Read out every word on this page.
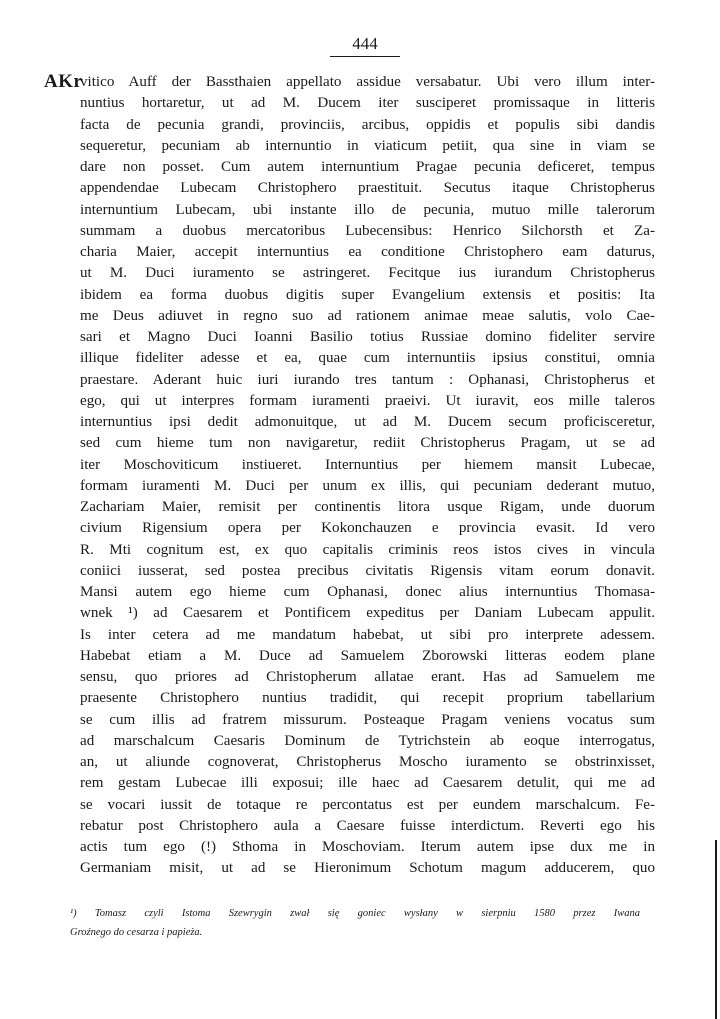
444
AKr
vitico Auff der Bassthaien appellato assidue versabatur. Ubi vero illum inter-
nuntius hortaretur, ut ad M. Ducem iter susciperet promissaque in litteris
facta de pecunia grandi, provinciis, arcibus, oppidis et populis sibi dandis
sequeretur, pecuniam ab internuntio in viaticum petiit, qua sine in viam se
dare non posset. Cum autem internuntium Pragae pecunia deficeret, tempus
appendendae Lubecam Christophero praestituit. Secutus itaque Christopherus
internuntium Lubecam, ubi instante illo de pecunia, mutuo mille talerorum
summam a duobus mercatoribus Lubecensibus: Henrico Silchorsth et Za-
charia Maier, accepit internuntius ea conditione Christophero eam daturus,
ut M. Duci iuramento se astringeret. Fecitque ius iurandum Christopherus
ibidem ea forma duobus digitis super Evangelium extensis et positis: Ita
me Deus adiuvet in regno suo ad rationem animae meae salutis, volo Cae-
sari et Magno Duci Ioanni Basilio totius Russiae domino fideliter servire
illique fideliter adesse et ea, quae cum internuntiis ipsius constitui, omnia
praestare. Aderant huic iuri iurando tres tantum : Ophanasi, Christopherus et
ego, qui ut interpres formam iuramenti praeivi. Ut iuravit, eos mille taleros
internuntius ipsi dedit admonuitque, ut ad M. Ducem secum proficisceretur,
sed cum hieme tum non navigaretur, rediit Christopherus Pragam, ut se ad
iter Moschoviticum instiueret. Internuntius per hiemem mansit Lubecae,
formam iuramenti M. Duci per unum ex illis, qui pecuniam dederant mutuo,
Zachariam Maier, remisit per continentis litora usque Rigam, unde duorum
civium Rigensium opera per Kokonchauzen e provincia evasit. Id vero
R. Mti cognitum est, ex quo capitalis criminis reos istos cives in vincula
coniici iusserat, sed postea precibus civitatis Rigensis vitam eorum donavit.
Mansi autem ego hieme cum Ophanasi, donec alius internuntius Thomasa-
wnek ¹) ad Caesarem et Pontificem expeditus per Daniam Lubecam appulit.
Is inter cetera ad me mandatum habebat, ut sibi pro interprete adessem.
Habebat etiam a M. Duce ad Samuelem Zborowski litteras eodem plane
sensu, quo priores ad Christopherum allatae erant. Has ad Samuelem me
praesente Christophero nuntius tradidit, qui recepit proprium tabellarium
se cum illis ad fratrem missurum. Posteaque Pragam veniens vocatus sum
ad marschalcum Caesaris Dominum de Tytrichstein ab eoque interrogatus,
an, ut aliunde cognoverat, Christopherus Moscho iuramento se obstrinxisset,
rem gestam Lubecae illi exposui; ille haec ad Caesarem detulit, qui me ad
se vocari iussit de totaque re percontatus est per eundem marschalcum. Fe-
rebatur post Christophero aula a Caesare fuisse interdictum. Reverti ego his
actis tum ego (!) Sthoma in Moschoviam. Iterum autem ipse dux me in
Germaniam misit, ut ad se Hieronimum Schotum magum adducerem, quo
¹) Tomasz czyli Istoma Szewrygin zwał się goniec wysłany w sierpniu 1580 przez Iwana
Groźnego do cesarza i papieża.
